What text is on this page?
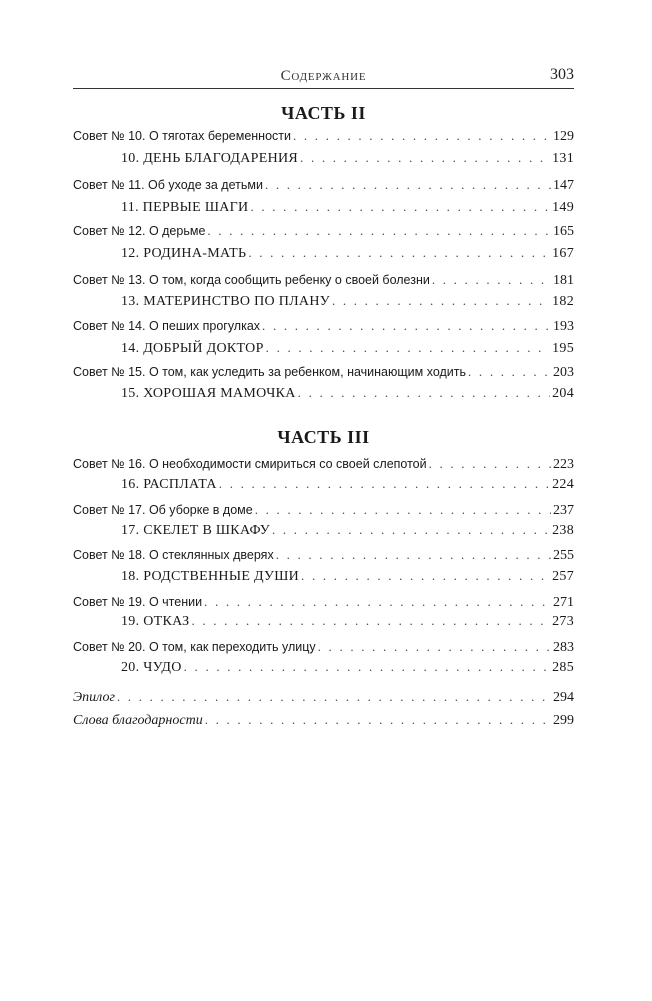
Содержание	303
ЧАСТЬ II
Совет № 10. О тяготах беременности . . .	129
10. ДЕНЬ БЛАГОДАРЕНИЯ . . .	131
Совет № 11. Об уходе за детьми . . .	147
11. ПЕРВЫЕ ШАГИ . . .	149
Совет № 12. О дерьме . . .	165
12. РОДИНА-МАТЬ . . .	167
Совет № 13. О том, когда сообщить ребенку о своей болезни . . .	181
13. МАТЕРИНСТВО ПО ПЛАНУ . . .	182
Совет № 14. О пеших прогулках . . .	193
14. ДОБРЫЙ ДОКТОР . . .	195
Совет № 15. О том, как уследить за ребенком, начинающим ходить . . .	203
15. ХОРОШАЯ МАМОЧКА . . .	204
ЧАСТЬ III
Совет № 16. О необходимости смириться со своей слепотой . . .	223
16. РАСПЛАТА . . .	224
Совет № 17. Об уборке в доме . . .	237
17. СКЕЛЕТ В ШКАФУ . . .	238
Совет № 18. О стеклянных дверях . . .	255
18. РОДСТВЕННЫЕ ДУШИ . . .	257
Совет № 19. О чтении . . .	271
19. ОТКАЗ . . .	273
Совет № 20. О том, как переходить улицу . . .	283
20. ЧУДО . . .	285
Эпилог . . .	294
Слова благодарности . . .	299
